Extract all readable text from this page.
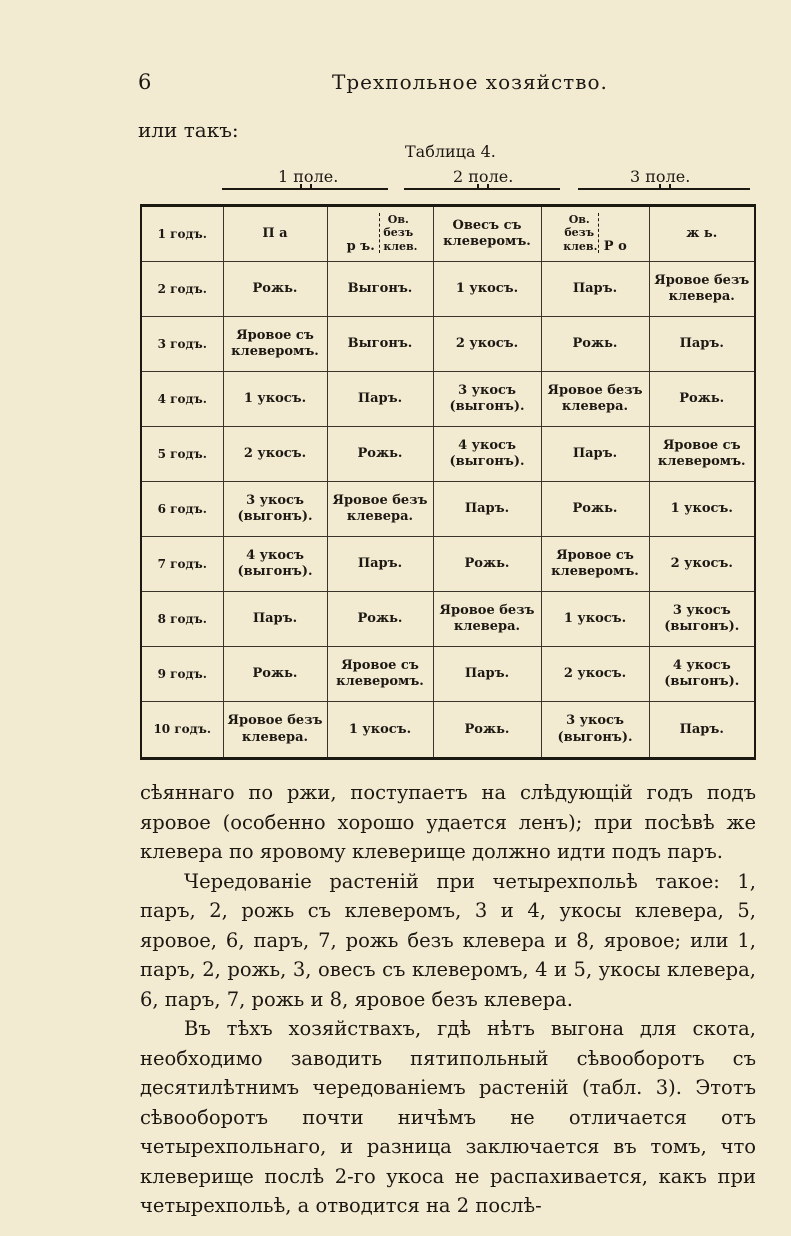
6	Трехпольное хозяйство.
или такъ:
Таблица 4.
1 поле.	2 поле.	3 поле.
1 годъ.	П а	р ъ. Ов. безъ клев.	Овесъ съ клеверомъ.	Ов. безъ клев. Р о	ж ь.
2 годъ.	Рожь.	Выгонъ.	1 укосъ.	Паръ.	Яровое безъ клевера.
3 годъ.	Яровое съ клеверомъ.	Выгонъ.	2 укосъ.	Рожь.	Паръ.
4 годъ.	1 укосъ.	Паръ.	3 укосъ (выгонъ).	Яровое безъ клевера.	Рожь.
5 годъ.	2 укосъ.	Рожь.	4 укосъ (выгонъ).	Паръ.	Яровое съ клеверомъ.
6 годъ.	3 укосъ (выгонъ).	Яровое безъ клевера.	Паръ.	Рожь.	1 укосъ.
7 годъ.	4 укосъ (выгонъ).	Паръ.	Рожь.	Яровое съ клеверомъ.	2 укосъ.
8 годъ.	Паръ.	Рожь.	Яровое безъ клевера.	1 укосъ.	3 укосъ (выгонъ).
9 годъ.	Рожь.	Яровое съ клеверомъ.	Паръ.	2 укосъ.	4 укосъ (выгонъ).
10 годъ.	Яровое безъ клевера.	1 укосъ.	Рожь.	3 укосъ (выгонъ).	Паръ.

сѣяннаго по ржи, поступаетъ на слѣдующій годъ подъ яровое (особенно хорошо удается ленъ); при посѣвѣ же клевера по яровому клеверище должно идти подъ паръ.

Чередованіе растеній при четырехпольѣ такое: 1, паръ, 2, рожь съ клеверомъ, 3 и 4, укосы клевера, 5, яровое, 6, паръ, 7, рожь безъ клевера и 8, яровое; или 1, паръ, 2, рожь, 3, овесъ съ клеверомъ, 4 и 5, укосы клевера, 6, паръ, 7, рожь и 8, яровое безъ клевера.

Въ тѣхъ хозяйствахъ, гдѣ нѣтъ выгона для скота, необходимо заводить пятипольный сѣвооборотъ съ десятилѣтнимъ чередованіемъ растеній (табл. 3). Этотъ сѣвооборотъ почти ничѣмъ не отличается отъ четырехпольнаго, и разница заключается въ томъ, что клеверище послѣ 2-го укоса не распахивается, какъ при четырехпольѣ, а отводится на 2 послѣ-
